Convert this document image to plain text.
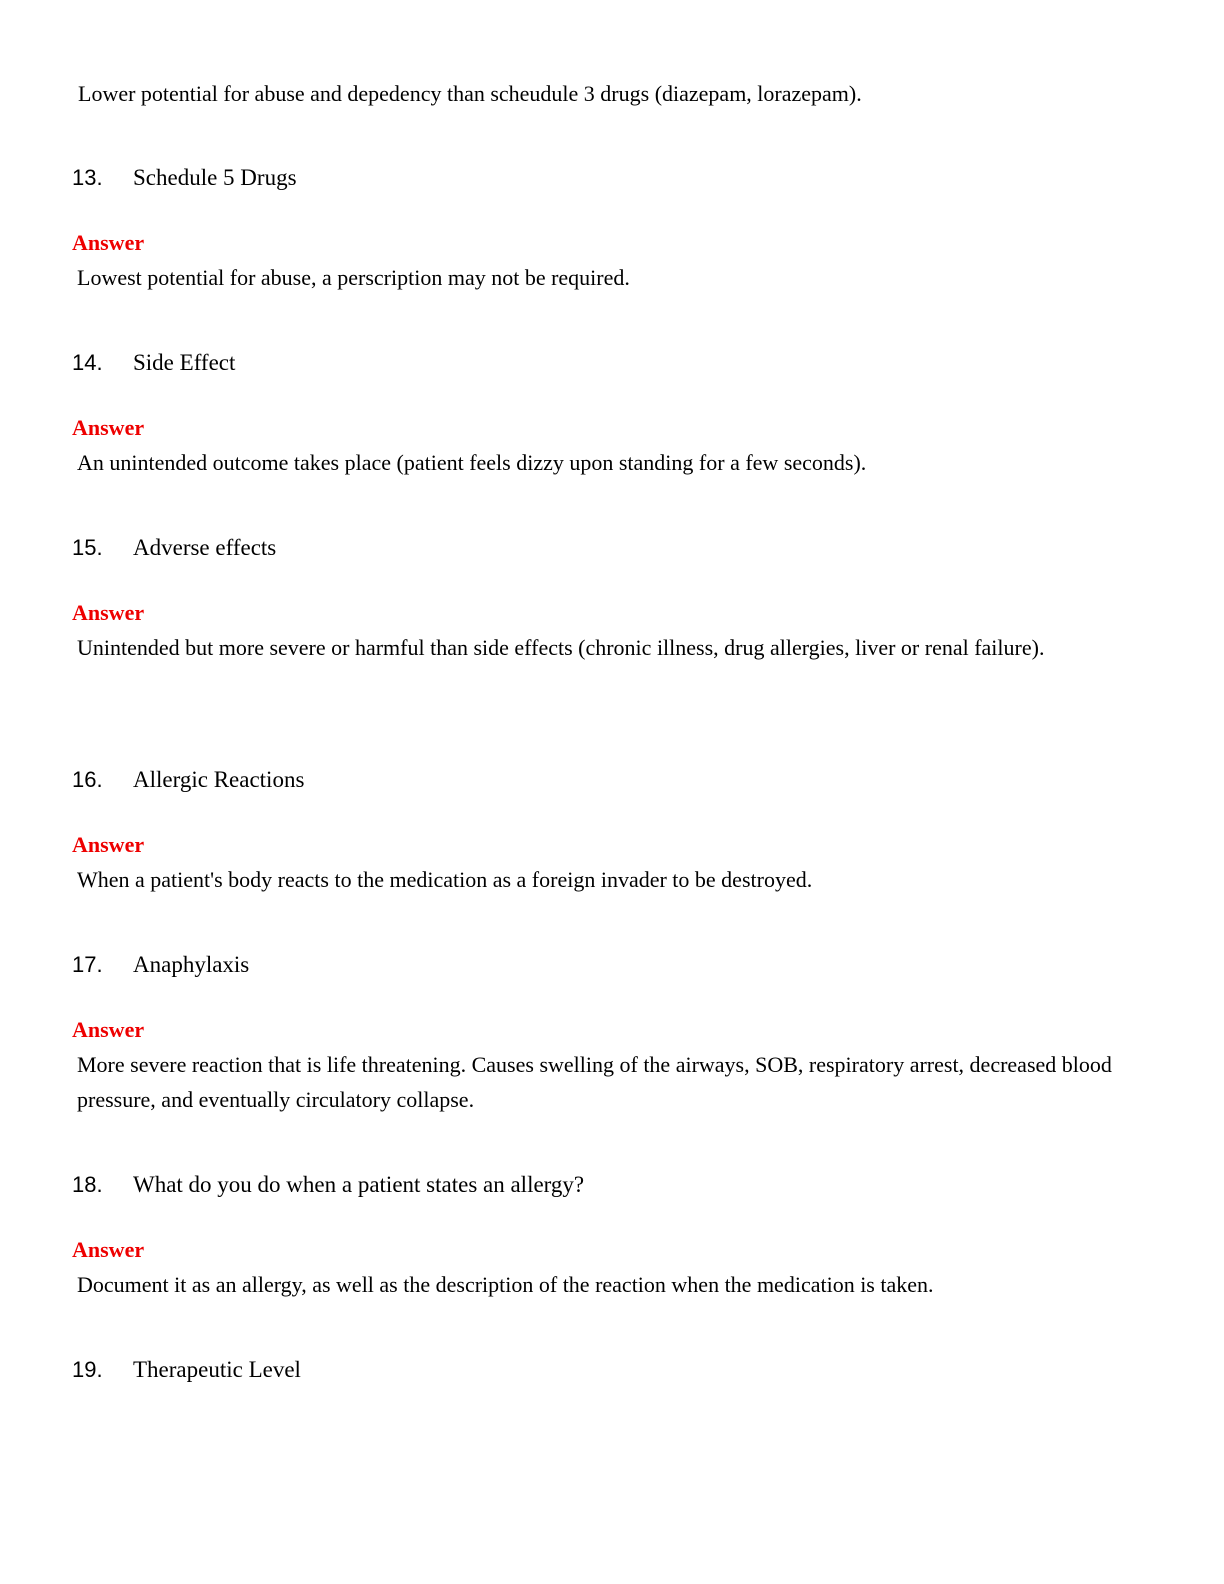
Lower potential for abuse and depedency than scheudule 3 drugs (diazepam, lorazepam).

13.	Schedule 5 Drugs
Answer
Lowest potential for abuse, a perscription may not be required.
14.	Side Effect
Answer
An unintended outcome takes place (patient feels dizzy upon standing for a few seconds).
15.	Adverse effects
Answer
Unintended but more severe or harmful than side effects (chronic illness, drug allergies, liver or renal failure).
16.	Allergic Reactions
Answer
When a patient's body reacts to the medication as a foreign invader to be destroyed.
17.	Anaphylaxis
Answer
More severe reaction that is life threatening. Causes swelling of the airways, SOB, respiratory arrest, decreased blood pressure, and eventually circulatory collapse.
18.	What do you do when a patient states an allergy?
Answer
Document it as an allergy, as well as the description of the reaction when the medication is taken.
19.	Therapeutic Level
